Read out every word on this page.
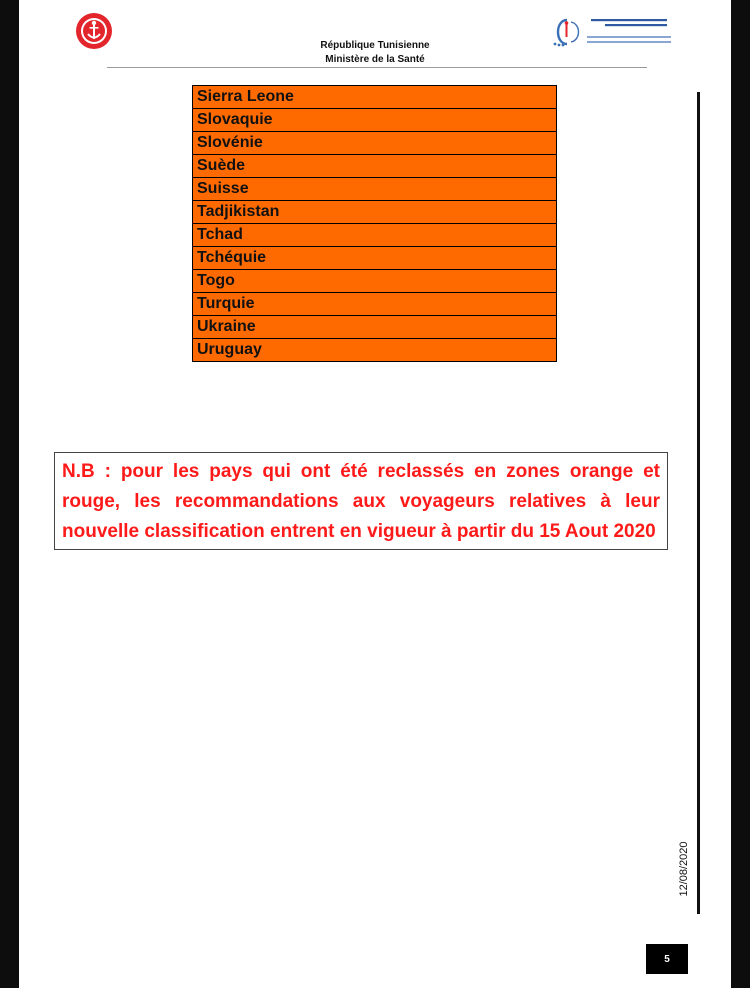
République Tunisienne
Ministère de la Santé
Sierra Leone
Slovaquie
Slovénie
Suède
Suisse
Tadjikistan
Tchad
Tchéquie
Togo
Turquie
Ukraine
Uruguay
N.B : pour les pays qui ont été reclassés en zones orange et rouge, les recommandations aux voyageurs relatives à leur nouvelle classification entrent en vigueur à partir du 15 Aout 2020
12/08/2020
5
